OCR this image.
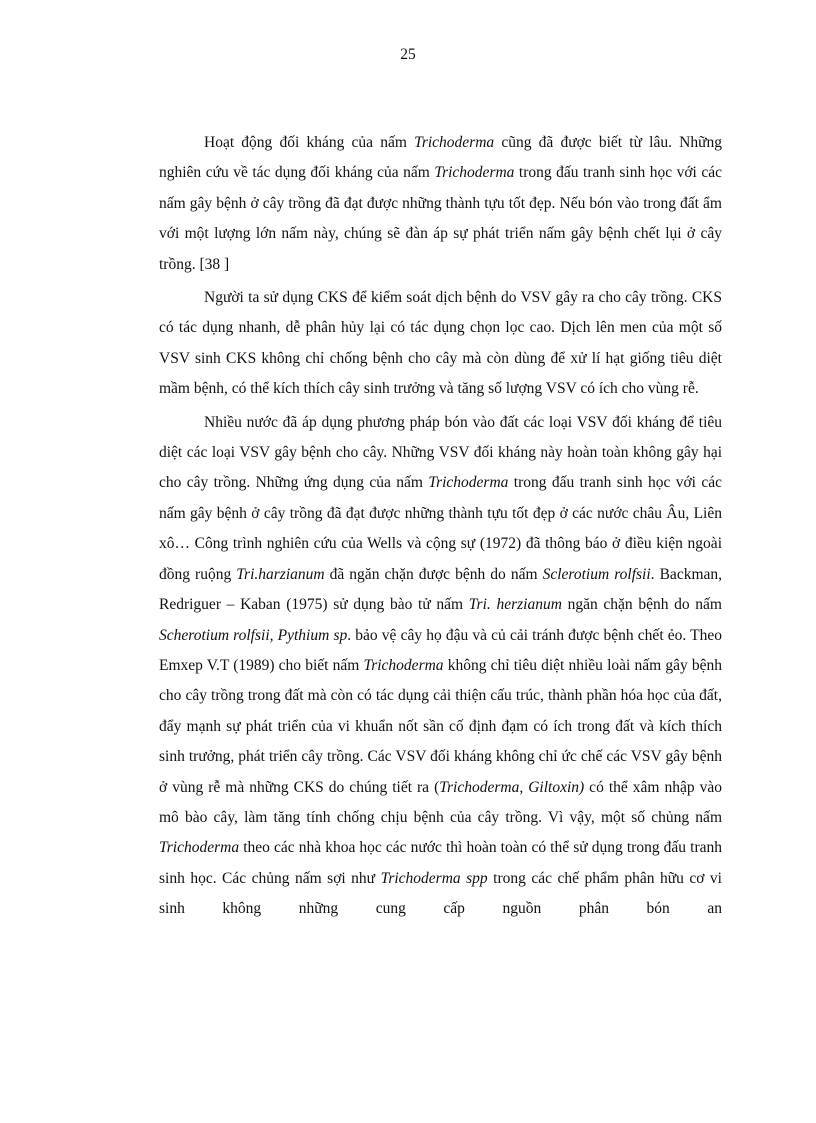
25

Hoạt động đối kháng của nấm Trichoderma cũng đã được biết từ lâu. Những nghiên cứu về tác dụng đối kháng của nấm Trichoderma trong đấu tranh sinh học với các nấm gây bệnh ở cây trồng đã đạt được những thành tựu tốt đẹp. Nếu bón vào trong đất ẩm với một lượng lớn nấm này, chúng sẽ đàn áp sự phát triển nấm gây bệnh chết lụi ở cây trồng. [38 ]

Người ta sử dụng CKS để kiểm soát dịch bệnh do VSV gây ra cho cây trồng. CKS có tác dụng nhanh, dễ phân hủy lại có tác dụng chọn lọc cao. Dịch lên men của một số VSV sinh CKS không chỉ chống bệnh cho cây mà còn dùng để xử lí hạt giống tiêu diệt mầm bệnh, có thể kích thích cây sinh trưởng và tăng số lượng VSV có ích cho vùng rễ.

Nhiều nước đã áp dụng phương pháp bón vào đất các loại VSV đối kháng để tiêu diệt các loại VSV gây bệnh cho cây. Những VSV đối kháng này hoàn toàn không gây hại cho cây trồng. Những ứng dụng của nấm Trichoderma trong đấu tranh sinh học với các nấm gây bệnh ở cây trồng đã đạt được những thành tựu tốt đẹp ở các nước châu Âu, Liên xô… Công trình nghiên cứu của Wells và cộng sự (1972) đã thông báo ở điều kiện ngoài đồng ruộng Tri.harzianum đã ngăn chặn được bệnh do nấm Sclerotium rolfsii. Backman, Redriguer – Kaban (1975) sử dụng bào tử nấm Tri. herzianum ngăn chặn bệnh do nấm Scherotium rolfsii, Pythium sp. bảo vệ cây họ đậu và củ cải tránh được bệnh chết ẻo. Theo Emxep V.T (1989) cho biết nấm Trichoderma không chỉ tiêu diệt nhiều loài nấm gây bệnh cho cây trồng trong đất mà còn có tác dụng cải thiện cấu trúc, thành phần hóa học của đất, đẩy mạnh sự phát triển của vi khuẩn nốt sần cố định đạm có ích trong đất và kích thích sinh trưởng, phát triển cây trồng. Các VSV đối kháng không chỉ ức chế các VSV gây bệnh ở vùng rễ mà những CKS do chúng tiết ra (Trichoderma, Giltoxin) có thể xâm nhập vào mô bào cây, làm tăng tính chống chịu bệnh của cây trồng. Vì vậy, một số chủng nấm Trichoderma theo các nhà khoa học các nước thì hoàn toàn có thể sử dụng trong đấu tranh sinh học. Các chủng nấm sợi như Trichoderma spp trong các chế phẩm phân hữu cơ vi sinh không những cung cấp nguồn phân bón an
